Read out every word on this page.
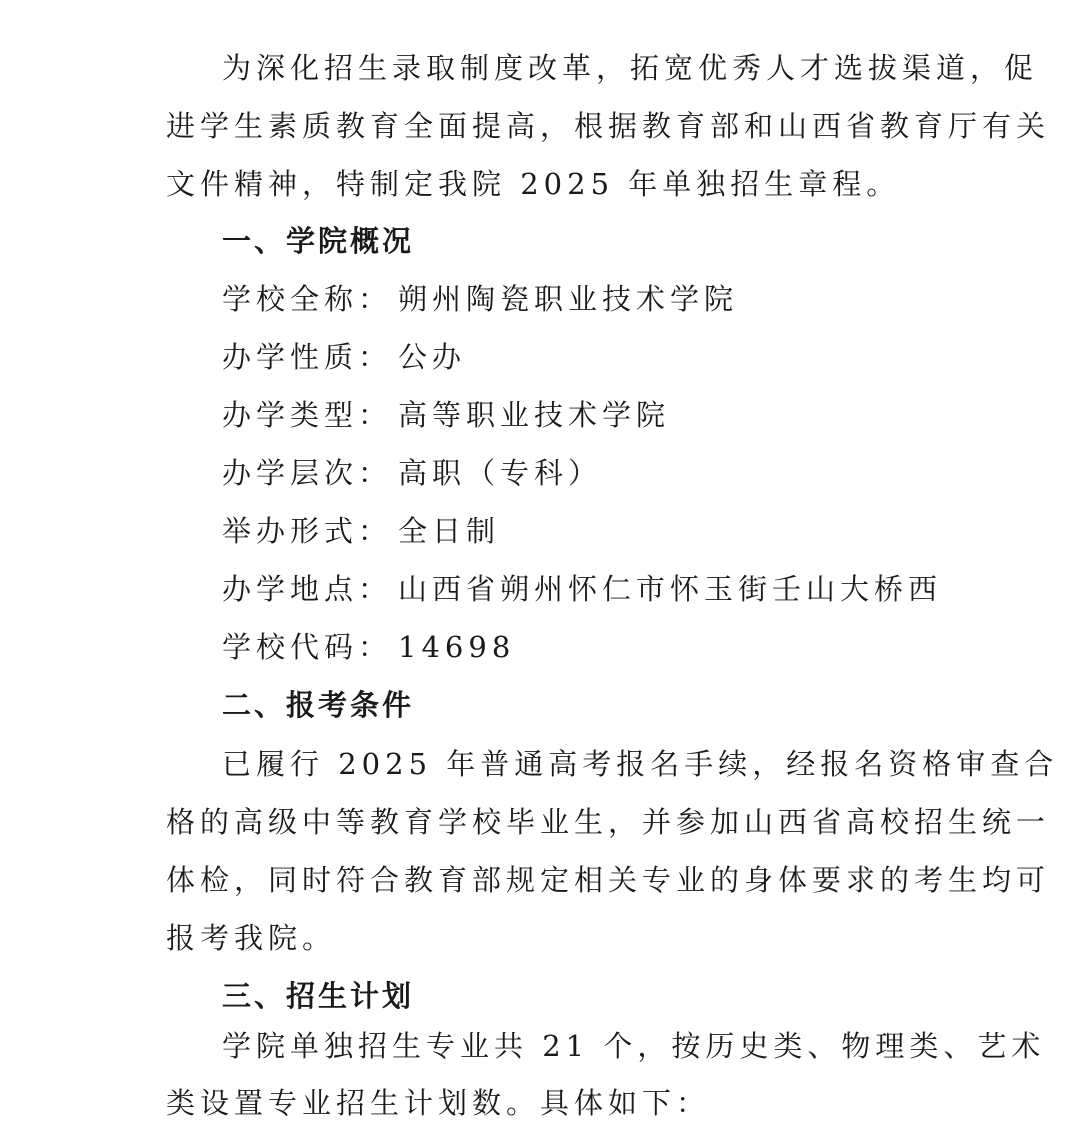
为深化招生录取制度改革，拓宽优秀人才选拔渠道，促
进学生素质教育全面提高，根据教育部和山西省教育厅有关
文件精神，特制定我院 2025 年单独招生章程。
一、学院概况
学校全称： 朔州陶瓷职业技术学院
办学性质： 公办
办学类型： 高等职业技术学院
办学层次： 高职（专科）
举办形式： 全日制
办学地点： 山西省朔州怀仁市怀玉街壬山大桥西
学校代码： 14698
二、报考条件
已履行 2025 年普通高考报名手续，经报名资格审查合
格的高级中等教育学校毕业生，并参加山西省高校招生统一
体检，同时符合教育部规定相关专业的身体要求的考生均可
报考我院。
三、招生计划
学院单独招生专业共 21 个，按历史类、物理类、艺术
类设置专业招生计划数。具体如下：
